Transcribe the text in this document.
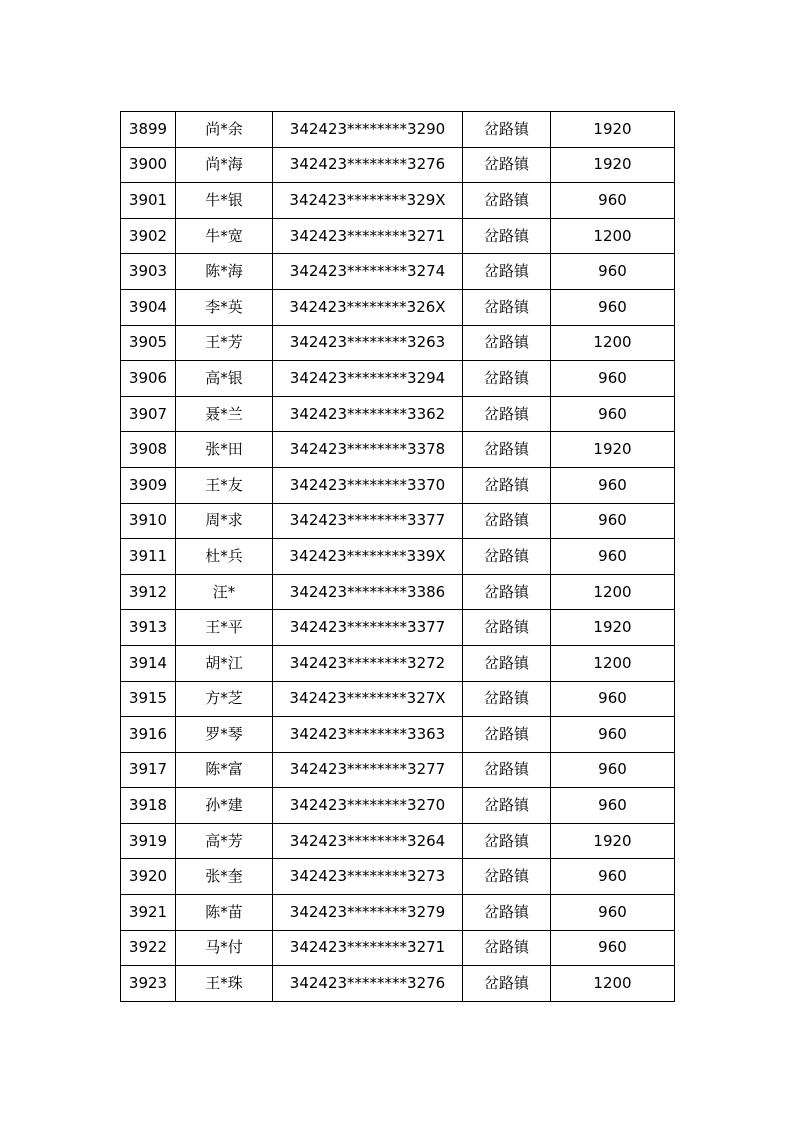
3899	尚*余	342423********3290	岔路镇	1920
3900	尚*海	342423********3276	岔路镇	1920
3901	牛*银	342423********329X	岔路镇	960
3902	牛*宽	342423********3271	岔路镇	1200
3903	陈*海	342423********3274	岔路镇	960
3904	李*英	342423********326X	岔路镇	960
3905	王*芳	342423********3263	岔路镇	1200
3906	高*银	342423********3294	岔路镇	960
3907	聂*兰	342423********3362	岔路镇	960
3908	张*田	342423********3378	岔路镇	1920
3909	王*友	342423********3370	岔路镇	960
3910	周*求	342423********3377	岔路镇	960
3911	杜*兵	342423********339X	岔路镇	960
3912	汪*	342423********3386	岔路镇	1200
3913	王*平	342423********3377	岔路镇	1920
3914	胡*江	342423********3272	岔路镇	1200
3915	方*芝	342423********327X	岔路镇	960
3916	罗*琴	342423********3363	岔路镇	960
3917	陈*富	342423********3277	岔路镇	960
3918	孙*建	342423********3270	岔路镇	960
3919	高*芳	342423********3264	岔路镇	1920
3920	张*奎	342423********3273	岔路镇	960
3921	陈*苗	342423********3279	岔路镇	960
3922	马*付	342423********3271	岔路镇	960
3923	王*珠	342423********3276	岔路镇	1200
